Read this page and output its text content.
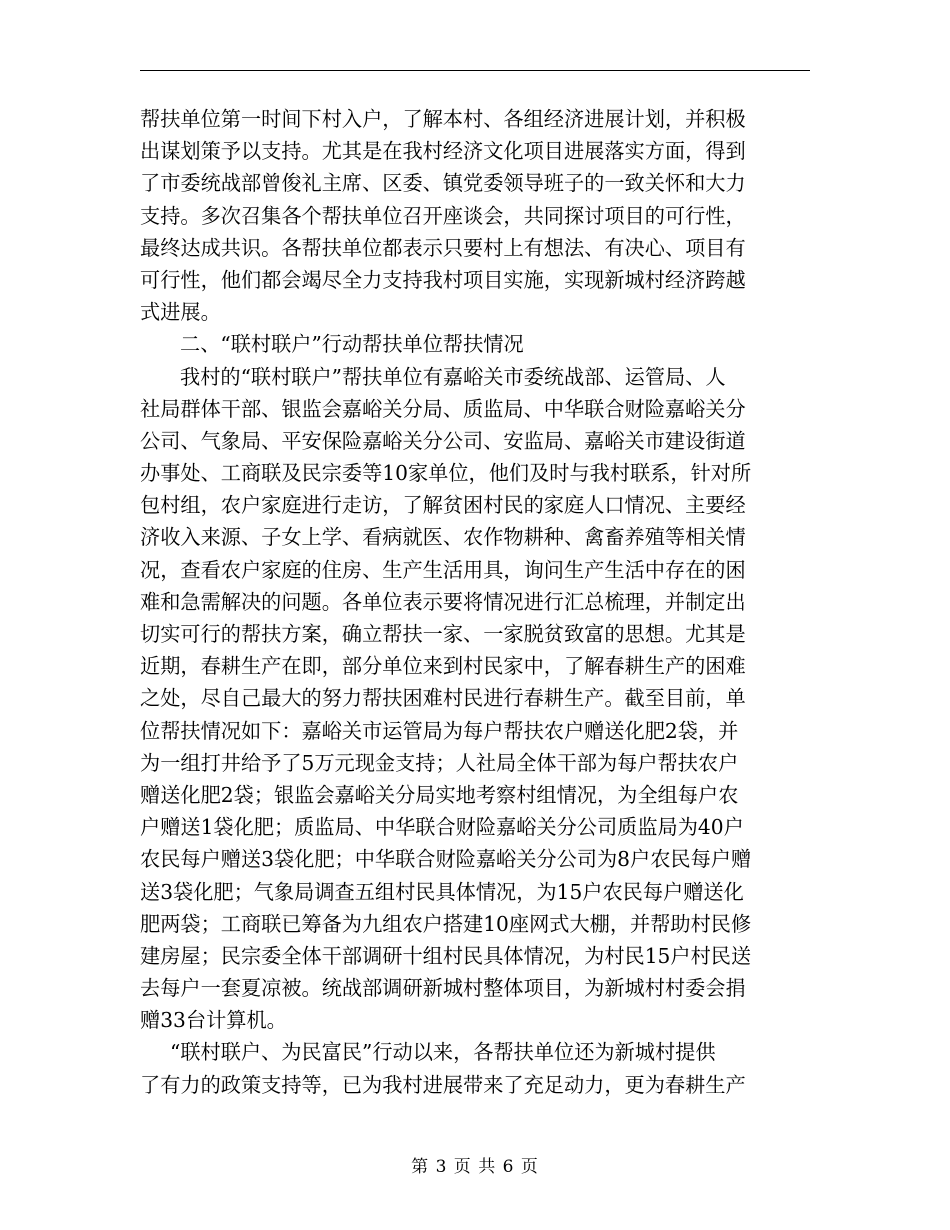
帮扶单位第一时间下村入户，了解本村、各组经济进展计划，并积极
出谋划策予以支持。尤其是在我村经济文化项目进展落实方面，得到
了市委统战部曾俊礼主席、区委、镇党委领导班子的一致关怀和大力
支持。多次召集各个帮扶单位召开座谈会，共同探讨项目的可行性，
最终达成共识。各帮扶单位都表示只要村上有想法、有决心、项目有
可行性，他们都会竭尽全力支持我村项目实施，实现新城村经济跨越
式进展。
二、“联村联户”行动帮扶单位帮扶情况
我村的“联村联户”帮扶单位有嘉峪关市委统战部、运管局、人
社局群体干部、银监会嘉峪关分局、质监局、中华联合财险嘉峪关分
公司、气象局、平安保险嘉峪关分公司、安监局、嘉峪关市建设街道
办事处、工商联及民宗委等10家单位，他们及时与我村联系，针对所
包村组，农户家庭进行走访，了解贫困村民的家庭人口情况、主要经
济收入来源、子女上学、看病就医、农作物耕种、禽畜养殖等相关情
况，查看农户家庭的住房、生产生活用具，询问生产生活中存在的困
难和急需解决的问题。各单位表示要将情况进行汇总梳理，并制定出
切实可行的帮扶方案，确立帮扶一家、一家脱贫致富的思想。尤其是
近期，春耕生产在即，部分单位来到村民家中，了解春耕生产的困难
之处，尽自己最大的努力帮扶困难村民进行春耕生产。截至目前，单
位帮扶情况如下：嘉峪关市运管局为每户帮扶农户赠送化肥2袋，并
为一组打井给予了5万元现金支持；人社局全体干部为每户帮扶农户
赠送化肥2袋；银监会嘉峪关分局实地考察村组情况，为全组每户农
户赠送1袋化肥；质监局、中华联合财险嘉峪关分公司质监局为40户
农民每户赠送3袋化肥；中华联合财险嘉峪关分公司为8户农民每户赠
送3袋化肥；气象局调查五组村民具体情况，为15户农民每户赠送化
肥两袋；工商联已筹备为九组农户搭建10座网式大棚，并帮助村民修
建房屋；民宗委全体干部调研十组村民具体情况，为村民15户村民送
去每户一套夏凉被。统战部调研新城村整体项目，为新城村村委会捐
赠33台计算机。
“联村联户、为民富民”行动以来，各帮扶单位还为新城村提供
了有力的政策支持等，已为我村进展带来了充足动力，更为春耕生产
第 3 页 共 6 页
